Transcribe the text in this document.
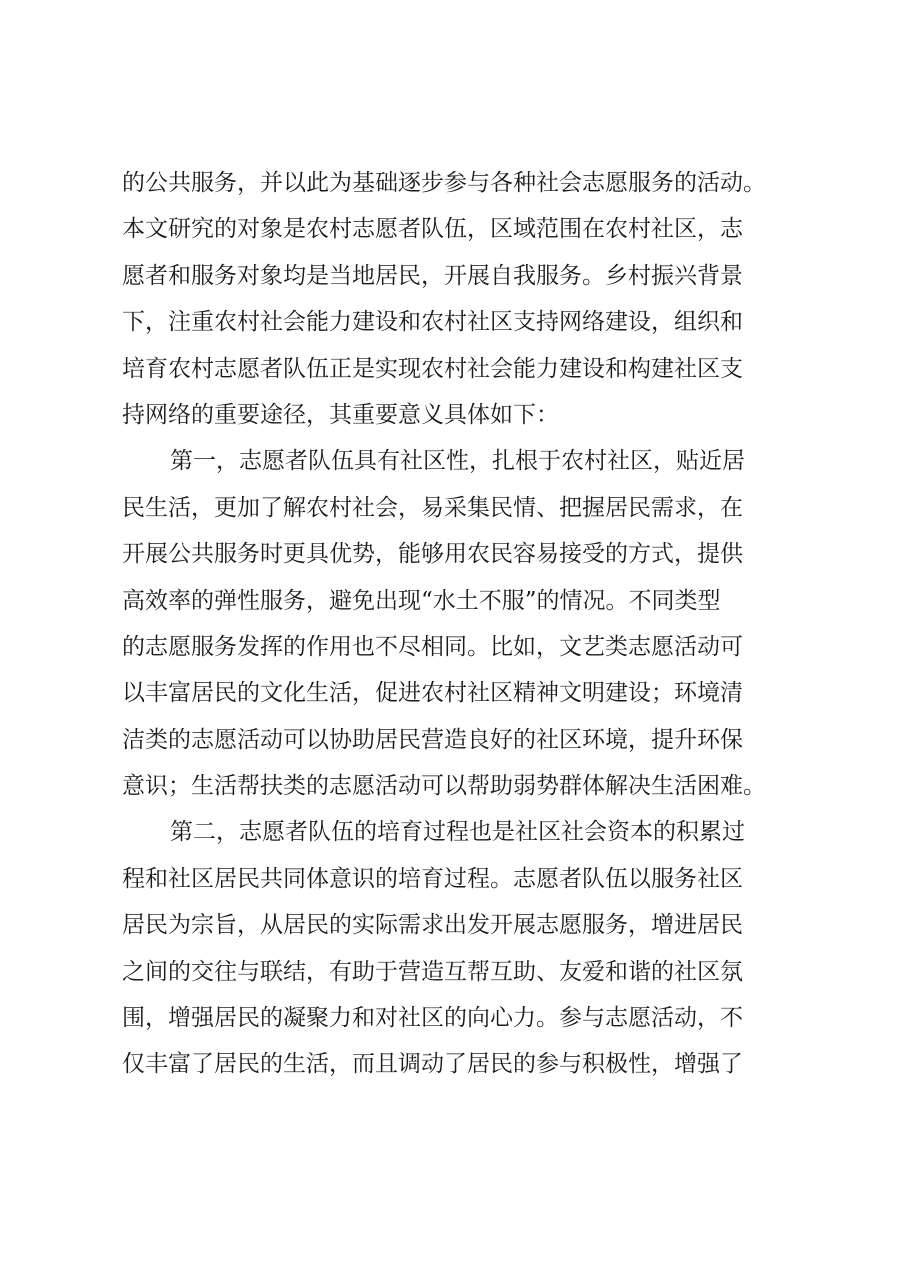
的公共服务，并以此为基础逐步参与各种社会志愿服务的活动。
本文研究的对象是农村志愿者队伍，区域范围在农村社区，志
愿者和服务对象均是当地居民，开展自我服务。乡村振兴背景
下，注重农村社会能力建设和农村社区支持网络建设，组织和
培育农村志愿者队伍正是实现农村社会能力建设和构建社区支
持网络的重要途径，其重要意义具体如下：
第一，志愿者队伍具有社区性，扎根于农村社区，贴近居
民生活，更加了解农村社会，易采集民情、把握居民需求，在
开展公共服务时更具优势，能够用农民容易接受的方式，提供
高效率的弹性服务，避免出现“水土不服”的情况。不同类型
的志愿服务发挥的作用也不尽相同。比如，文艺类志愿活动可
以丰富居民的文化生活，促进农村社区精神文明建设；环境清
洁类的志愿活动可以协助居民营造良好的社区环境，提升环保
意识；生活帮扶类的志愿活动可以帮助弱势群体解决生活困难。
第二，志愿者队伍的培育过程也是社区社会资本的积累过
程和社区居民共同体意识的培育过程。志愿者队伍以服务社区
居民为宗旨，从居民的实际需求出发开展志愿服务，增进居民
之间的交往与联结，有助于营造互帮互助、友爱和谐的社区氛
围，增强居民的凝聚力和对社区的向心力。参与志愿活动，不
仅丰富了居民的生活，而且调动了居民的参与积极性，增强了
